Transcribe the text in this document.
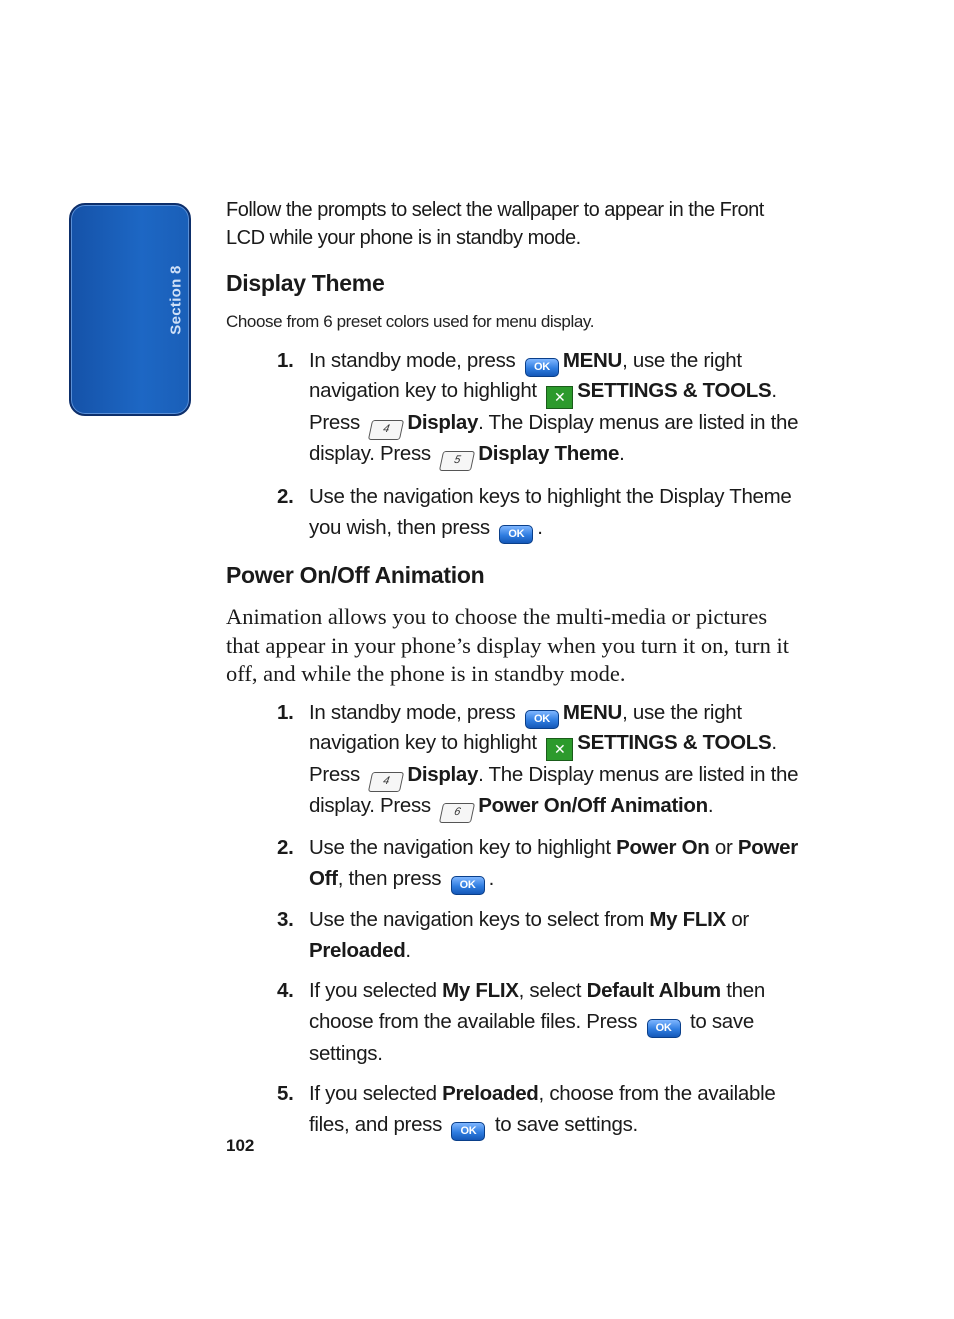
Section 8

Follow the prompts to select the wallpaper to appear in the Front LCD while your phone is in standby mode.

Display Theme

Choose from 6 preset colors used for menu display.

1. In standby mode, press OK MENU, use the right navigation key to highlight ✕ SETTINGS & TOOLS. Press 4 Display. The Display menus are listed in the display. Press 5 Display Theme.
2. Use the navigation keys to highlight the Display Theme you wish, then press OK .
Power On/Off Animation

Animation allows you to choose the multi-media or pictures that appear in your phone’s display when you turn it on, turn it off, and while the phone is in standby mode.

1. In standby mode, press OK MENU, use the right navigation key to highlight ✕ SETTINGS & TOOLS. Press 4 Display. The Display menus are listed in the display. Press 6 Power On/Off Animation.
2. Use the navigation key to highlight Power On or Power Off, then press OK .
3. Use the navigation keys to select from My FLIX or Preloaded.
4. If you selected My FLIX, select Default Album then choose from the available files. Press OK to save settings.
5. If you selected Preloaded, choose from the available files, and press OK to save settings.
102
